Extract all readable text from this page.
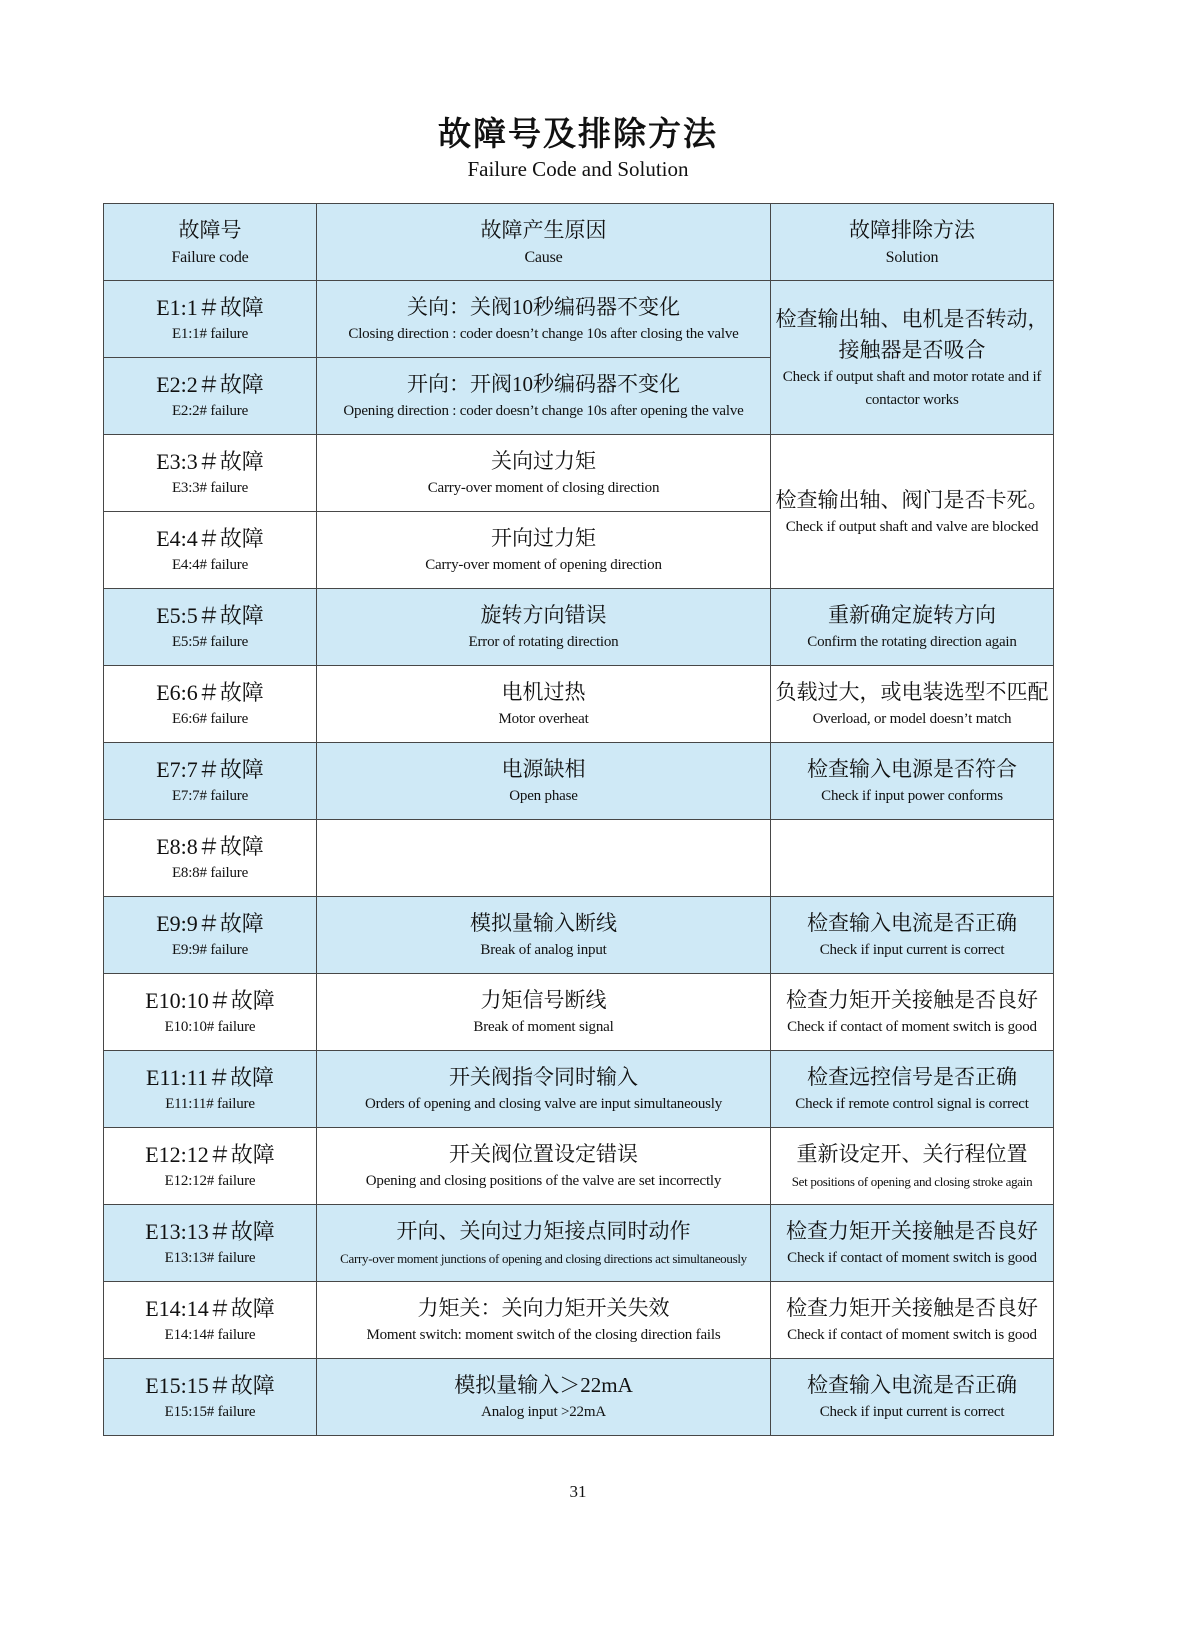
故障号及排除方法
Failure Code and Solution
故障号
Failure code	故障产生原因
Cause	故障排除方法
Solution

E1:1＃故障
E1:1# failure	关向：关阀10秒编码器不变化
Closing direction : coder doesn’t change 10s after closing the valve	检查输出轴、电机是否转动，接触器是否吸合
Check if output shaft and motor rotate and if contactor works

E2:2＃故障
E2:2# failure	开向：开阀10秒编码器不变化
Opening direction : coder doesn’t change 10s after opening the valve	

E3:3＃故障
E3:3# failure	关向过力矩
Carry-over moment of closing direction	检查输出轴、阀门是否卡死。
Check if output shaft and valve are blocked

E4:4＃故障
E4:4# failure	开向过力矩
Carry-over moment of opening direction	

E5:5＃故障
E5:5# failure	旋转方向错误
Error of rotating direction	重新确定旋转方向
Confirm the rotating direction again

E6:6＃故障
E6:6# failure	电机过热
Motor overheat	负载过大，或电装选型不匹配
Overload, or model doesn’t match

E7:7＃故障
E7:7# failure	电源缺相
Open phase	检查输入电源是否符合
Check if input power conforms

E8:8＃故障
E8:8# failure		

E9:9＃故障
E9:9# failure	模拟量输入断线
Break of analog input	检查输入电流是否正确
Check if input current is correct

E10:10＃故障
E10:10# failure	力矩信号断线
Break of moment signal	检查力矩开关接触是否良好
Check if contact of moment switch is good

E11:11＃故障
E11:11# failure	开关阀指令同时输入
Orders of opening and closing valve are input simultaneously	检查远控信号是否正确
Check if remote control signal is correct

E12:12＃故障
E12:12# failure	开关阀位置设定错误
Opening and closing positions of the valve are set incorrectly	重新设定开、关行程位置
Set positions of opening and closing stroke again

E13:13＃故障
E13:13# failure	开向、关向过力矩接点同时动作
Carry-over moment junctions of opening and closing directions act simultaneously	检查力矩开关接触是否良好
Check if contact of moment switch is good

E14:14＃故障
E14:14# failure	力矩关：关向力矩开关失效
Moment switch: moment switch of the closing direction fails	检查力矩开关接触是否良好
Check if contact of moment switch is good

E15:15＃故障
E15:15# failure	模拟量输入＞22mA
Analog input >22mA	检查输入电流是否正确
Check if input current is correct
31
